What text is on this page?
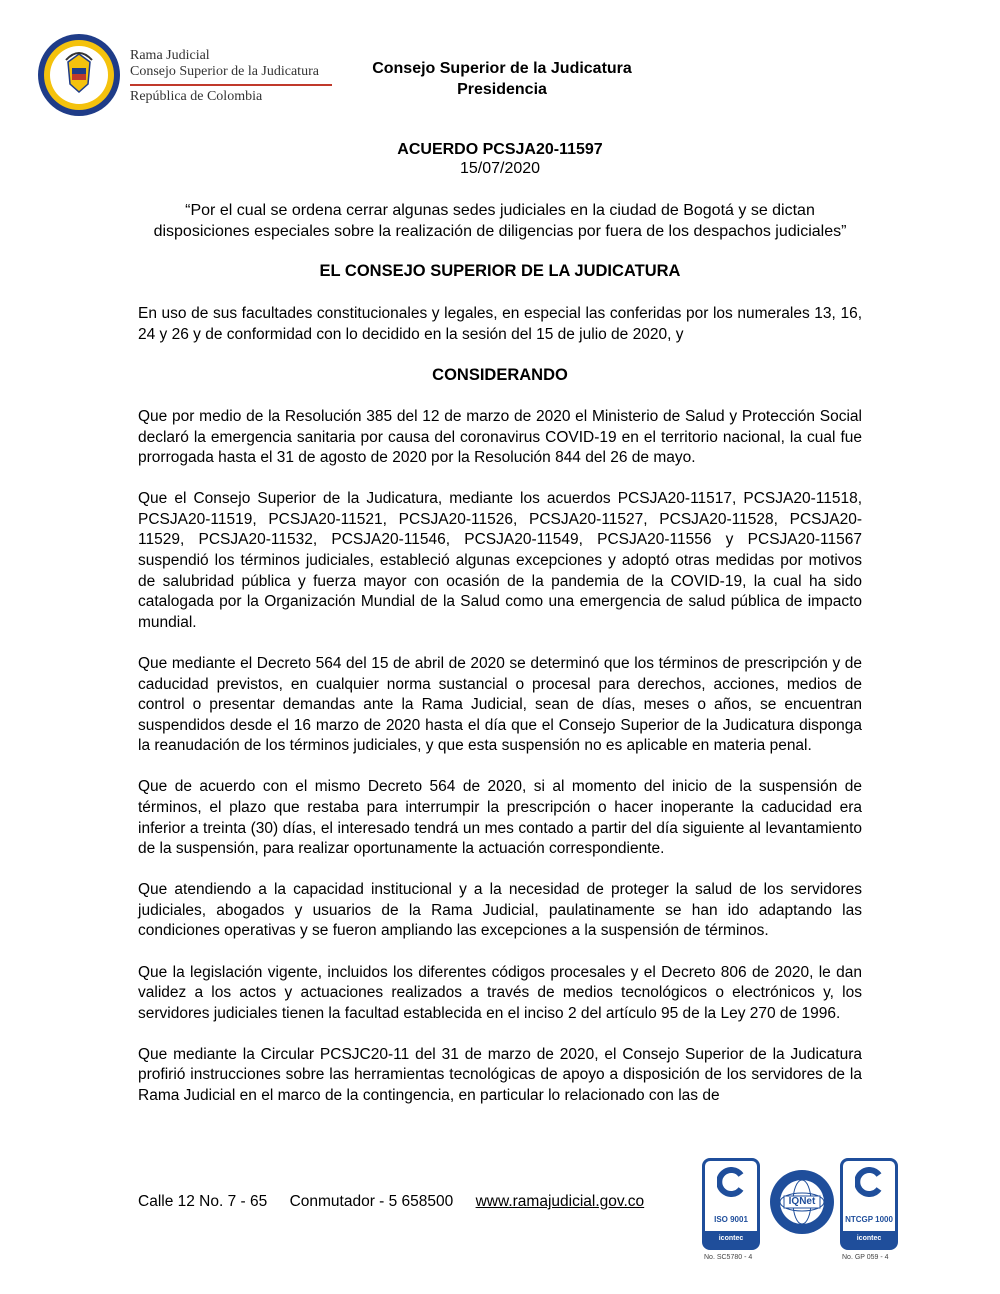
Rama Judicial
Consejo Superior de la Judicatura
República de Colombia
Consejo Superior de la Judicatura
Presidencia
ACUERDO PCSJA20-11597
15/07/2020
“Por el cual se ordena cerrar algunas sedes judiciales en la ciudad de Bogotá y se dictan disposiciones especiales sobre la realización de diligencias por fuera de los despachos judiciales”
EL CONSEJO SUPERIOR DE LA JUDICATURA

En uso de sus facultades constitucionales y legales, en especial las conferidas por los numerales 13, 16, 24 y 26 y de conformidad con lo decidido en la sesión del 15 de julio de 2020, y

CONSIDERANDO

Que por medio de la Resolución 385 del 12 de marzo de 2020 el Ministerio de Salud y Protección Social declaró la emergencia sanitaria por causa del coronavirus COVID-19 en el territorio nacional, la cual fue prorrogada hasta el 31 de agosto de 2020 por la Resolución 844 del 26 de mayo.

Que el Consejo Superior de la Judicatura, mediante los acuerdos PCSJA20-11517, PCSJA20-11518, PCSJA20-11519, PCSJA20-11521, PCSJA20-11526, PCSJA20-11527, PCSJA20-11528, PCSJA20-11529, PCSJA20-11532, PCSJA20-11546, PCSJA20-11549, PCSJA20-11556 y PCSJA20-11567 suspendió los términos judiciales, estableció algunas excepciones y adoptó otras medidas por motivos de salubridad pública y fuerza mayor con ocasión de la pandemia de la COVID-19, la cual ha sido catalogada por la Organización Mundial de la Salud como una emergencia de salud pública de impacto mundial.

Que mediante el Decreto 564 del 15 de abril de 2020 se determinó que los términos de prescripción y de caducidad previstos, en cualquier norma sustancial o procesal para derechos, acciones, medios de control o presentar demandas ante la Rama Judicial, sean de días, meses o años, se encuentran suspendidos desde el 16 marzo de 2020 hasta el día que el Consejo Superior de la Judicatura disponga la reanudación de los términos judiciales, y que esta suspensión no es aplicable en materia penal.

Que de acuerdo con el mismo Decreto 564 de 2020, si al momento del inicio de la suspensión de términos, el plazo que restaba para interrumpir la prescripción o hacer inoperante la caducidad era inferior a treinta (30) días, el interesado tendrá un mes contado a partir del día siguiente al levantamiento de la suspensión, para realizar oportunamente la actuación correspondiente.

Que atendiendo a la capacidad institucional y a la necesidad de proteger la salud de los servidores judiciales, abogados y usuarios de la Rama Judicial, paulatinamente se han ido adaptando las condiciones operativas y se fueron ampliando las excepciones a la suspensión de términos.

Que la legislación vigente, incluidos los diferentes códigos procesales y el Decreto 806 de 2020, le dan validez a los actos y actuaciones realizados a través de medios tecnológicos o electrónicos y, los servidores judiciales tienen la facultad establecida en el inciso 2 del artículo 95 de la Ley 270 de 1996.

Que mediante la Circular PCSJC20-11 del 31 de marzo de 2020, el Consejo Superior de la Judicatura profirió instrucciones sobre las herramientas tecnológicas de apoyo a disposición de los servidores de la Rama Judicial en el marco de la contingencia, en particular lo relacionado con las de

Calle 12 No. 7 - 65 Conmutador - 5 658500 www.ramajudicial.gov.co
ISO 9001
icontec
No. SC5780 - 4
IQNet
NTCGP 1000
icontec
No. GP 059 - 4
